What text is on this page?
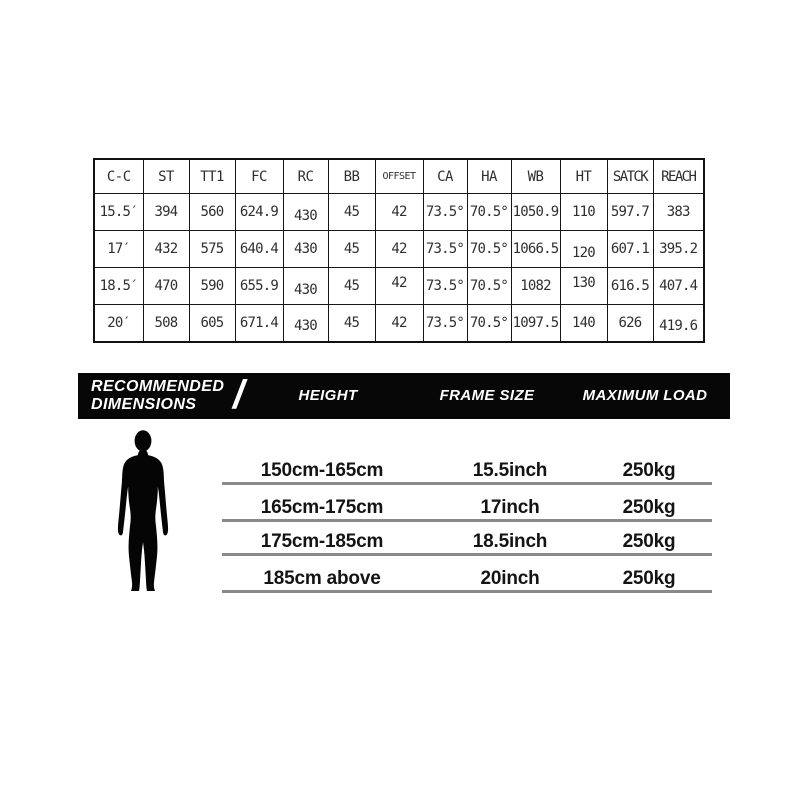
C-C	ST	TT1	FC	RC	BB	OFFSET	CA	HA	WB	HT	SATCK	REACH
15.5′	394	560	624.9	430	45	42	73.5°	70.5°	1050.9	110	597.7	383
17′	432	575	640.4	430	45	42	73.5°	70.5°	1066.5	120	607.1	395.2
18.5′	470	590	655.9	430	45	42	73.5°	70.5°	1082	130	616.5	407.4
20′	508	605	671.4	430	45	42	73.5°	70.5°	1097.5	140	626	419.6
RECOMMENDED
DIMENSIONS /	HEIGHT	FRAME SIZE	MAXIMUM LOAD
150cm-165cm	15.5inch	250kg
165cm-175cm	17inch	250kg
175cm-185cm	18.5inch	250kg
185cm above	20inch	250kg
